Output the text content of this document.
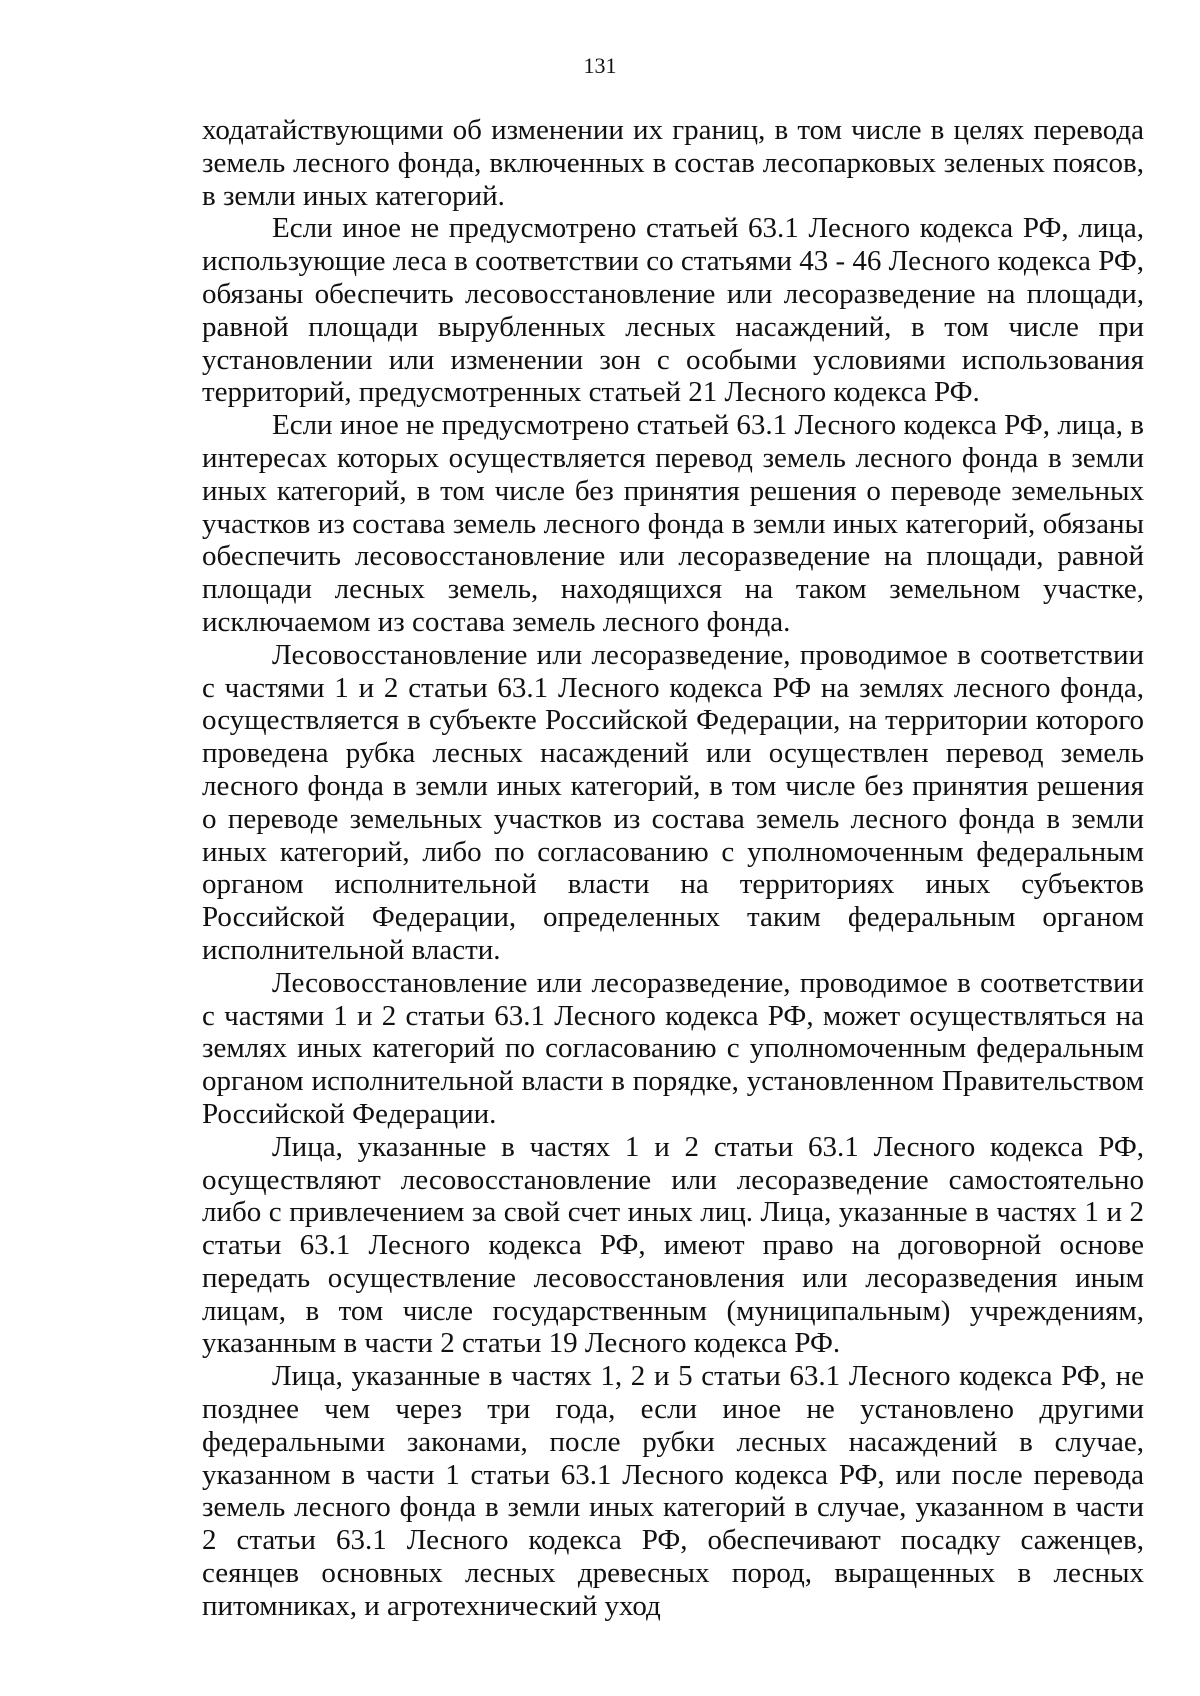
131

ходатайствующими об изменении их границ, в том числе в целях перевода земель лесного фонда, включенных в состав лесопарковых зеленых поясов, в земли иных категорий.

Если иное не предусмотрено статьей 63.1 Лесного кодекса РФ, лица, использующие леса в соответствии со статьями 43 - 46 Лесного кодекса РФ, обязаны обеспечить лесовосстановление или лесоразведение на площади, равной площади вырубленных лесных насаждений, в том числе при установлении или изменении зон с особыми условиями использования территорий, предусмотренных статьей 21 Лесного кодекса РФ.

Если иное не предусмотрено статьей 63.1 Лесного кодекса РФ, лица, в интересах которых осуществляется перевод земель лесного фонда в земли иных категорий, в том числе без принятия решения о переводе земельных участков из состава земель лесного фонда в земли иных категорий, обязаны обеспечить лесовосстановление или лесоразведение на площади, равной площади лесных земель, находящихся на таком земельном участке, исключаемом из состава земель лесного фонда.

Лесовосстановление или лесоразведение, проводимое в соответствии с частями 1 и 2 статьи 63.1 Лесного кодекса РФ на землях лесного фонда, осуществляется в субъекте Российской Федерации, на территории которого проведена рубка лесных насаждений или осуществлен перевод земель лесного фонда в земли иных категорий, в том числе без принятия решения о переводе земельных участков из состава земель лесного фонда в земли иных категорий, либо по согласованию с уполномоченным федеральным органом исполнительной власти на территориях иных субъектов Российской Федерации, определенных таким федеральным органом исполнительной власти.

Лесовосстановление или лесоразведение, проводимое в соответствии с частями 1 и 2 статьи 63.1 Лесного кодекса РФ, может осуществляться на землях иных категорий по согласованию с уполномоченным федеральным органом исполнительной власти в порядке, установленном Правительством Российской Федерации.

Лица, указанные в частях 1 и 2 статьи 63.1 Лесного кодекса РФ, осуществляют лесовосстановление или лесоразведение самостоятельно либо с привлечением за свой счет иных лиц. Лица, указанные в частях 1 и 2 статьи 63.1 Лесного кодекса РФ, имеют право на договорной основе передать осуществление лесовосстановления или лесоразведения иным лицам, в том числе государственным (муниципальным) учреждениям, указанным в части 2 статьи 19 Лесного кодекса РФ.

Лица, указанные в частях 1, 2 и 5 статьи 63.1 Лесного кодекса РФ, не позднее чем через три года, если иное не установлено другими федеральными законами, после рубки лесных насаждений в случае, указанном в части 1 статьи 63.1 Лесного кодекса РФ, или после перевода земель лесного фонда в земли иных категорий в случае, указанном в части 2 статьи 63.1 Лесного кодекса РФ, обеспечивают посадку саженцев, сеянцев основных лесных древесных пород, выращенных в лесных питомниках, и агротехнический уход
